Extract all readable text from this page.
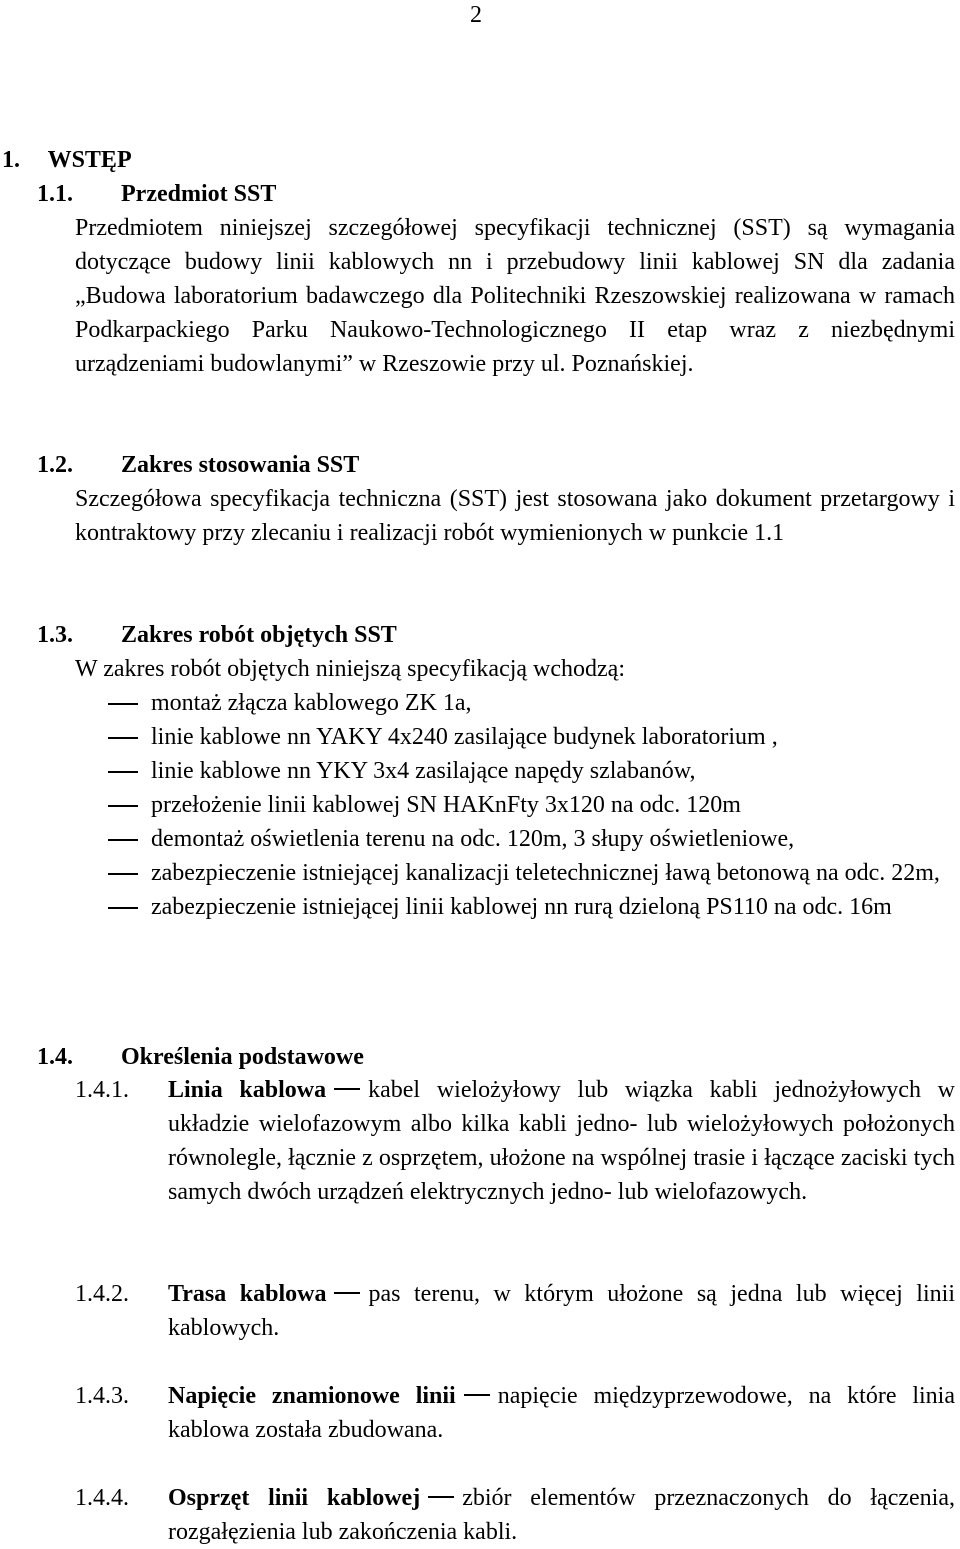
2
1. WSTĘP
1.1. Przedmiot SST
Przedmiotem niniejszej szczegółowej specyfikacji technicznej (SST) są wymagania dotyczące budowy linii kablowych nn i przebudowy linii kablowej SN dla zadania „Budowa laboratorium badawczego dla Politechniki Rzeszowskiej realizowana w ramach Podkarpackiego Parku Naukowo-Technologicznego II etap wraz z niezbędnymi urządzeniami budowlanymi” w Rzeszowie przy ul. Poznańskiej.
1.2. Zakres stosowania SST
Szczegółowa specyfikacja techniczna (SST) jest stosowana jako dokument przetargowy i kontraktowy przy zlecaniu i realizacji robót wymienionych w punkcie 1.1
1.3. Zakres robót objętych SST
W zakres robót objętych niniejszą specyfikacją wchodzą:
montaż złącza kablowego ZK 1a,
linie kablowe nn YAKY 4x240 zasilające budynek laboratorium ,
linie kablowe nn YKY 3x4 zasilające napędy szlabanów,
przełożenie linii kablowej SN HAKnFty 3x120 na odc. 120m
demontaż oświetlenia terenu na odc. 120m, 3 słupy oświetleniowe,
zabezpieczenie istniejącej kanalizacji teletechnicznej ławą betonową na odc. 22m,
zabezpieczenie istniejącej linii kablowej nn rurą dzieloną PS110 na odc. 16m
1.4. Określenia podstawowe
1.4.1. Linia kablowa kabel wielożyłowy lub wiązka kabli jednożyłowych w układzie wielofazowym albo kilka kabli jedno- lub wielożyłowych położonych równolegle, łącznie z osprzętem, ułożone na wspólnej trasie i łączące zaciski tych samych dwóch urządzeń elektrycznych jedno- lub wielofazowych.
1.4.2. Trasa kablowa pas terenu, w którym ułożone są jedna lub więcej linii kablowych.
1.4.3. Napięcie znamionowe linii napięcie międzyprzewodowe, na które linia kablowa została zbudowana.
1.4.4. Osprzęt linii kablowej zbiór elementów przeznaczonych do łączenia, rozgałęzienia lub zakończenia kabli.
